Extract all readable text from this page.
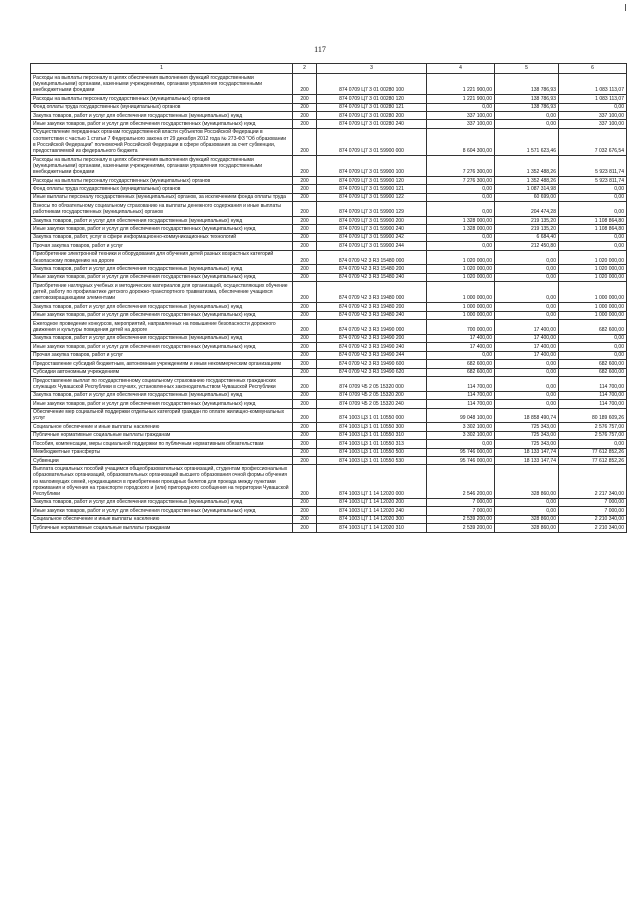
117
1	2	3	4	5	6
Расходы на выплаты персоналу в целях обеспечения выполнения функций государственными (муниципальными) органами, казенными учреждениями, органами управления государственными внебюджетными фондами	200	874 0709 Ц7 3 01 00280 100	1 221 900,00	138 786,93	1 083 113,07
Расходы на выплаты персоналу государственных (муниципальных) органов	200	874 0709 Ц7 3 01 00280 120	1 221 900,00	138 786,93	1 083 113,07
Фонд оплаты труда государственных (муниципальных) органов	200	874 0709 Ц7 3 01 00280 121	0,00	138 786,93	0,00
Закупка товаров, работ и услуг для обеспечения государственных (муниципальных) нужд	200	874 0709 Ц7 3 01 00280 200	337 100,00	0,00	337 100,00
Иные закупки товаров, работ и услуг для обеспечения государственных (муниципальных) нужд	200	874 0709 Ц7 3 01 00280 240	337 100,00	0,00	337 100,00
Осуществление переданных органам государственной власти субъектов Российской Федерации в соответствии с частью 1 статьи 7 Федерального закона от 29 декабря 2012 года № 273-ФЗ "Об образовании в Российской Федерации" полномочий Российской Федерации в сфере образования за счет субвенции, предоставляемой из федерального бюджета	200	874 0709 Ц7 3 01 59900 000	8 604 300,00	1 571 623,46	7 032 676,54
Расходы на выплаты персоналу в целях обеспечения выполнения функций государственными (муниципальными) органами, казенными учреждениями, органами управления государственными внебюджетными фондами	200	874 0709 Ц7 3 01 59900 100	7 276 300,00	1 352 488,26	5 923 811,74
Расходы на выплаты персоналу государственных (муниципальных) органов	200	874 0709 Ц7 3 01 59900 120	7 276 300,00	1 352 488,26	5 923 811,74
Фонд оплаты труда государственных (муниципальных) органов	200	874 0709 Ц7 3 01 59900 121	0,00	1 087 314,98	0,00
Иные выплаты персоналу государственных (муниципальных) органов, за исключением фонда оплаты труда	200	874 0709 Ц7 3 01 59900 122	0,00	60 699,00	0,00
Взносы по обязательному социальному страхованию на выплаты денежного содержания и иные выплаты работникам государственных (муниципальных) органов	200	874 0709 Ц7 3 01 59900 129	0,00	204 474,28	0,00
Закупка товаров, работ и услуг для обеспечения государственных (муниципальных) нужд	200	874 0709 Ц7 3 01 59900 200	1 328 000,00	219 135,20	1 108 864,80
Иные закупки товаров, работ и услуг для обеспечения государственных (муниципальных) нужд	200	874 0709 Ц7 3 01 59900 240	1 328 000,00	219 135,20	1 108 864,80
Закупка товаров, работ, услуг в сфере информационно-коммуникационных технологий	200	874 0709 Ц7 3 01 59900 242	0,00	6 684,40	0,00
Прочая закупка товаров, работ и услуг	200	874 0709 Ц7 3 01 59900 244	0,00	212 450,80	0,00
Приобретение электронной техники и оборудования для обучения детей разных возрастных категорий безопасному поведению на дороге	200	874 0709 Ч2 3 R3 15480 000	1 020 000,00	0,00	1 020 000,00
Закупка товаров, работ и услуг для обеспечения государственных (муниципальных) нужд	200	874 0709 Ч2 3 R3 15480 200	1 020 000,00	0,00	1 020 000,00
Иные закупки товаров, работ и услуг для обеспечения государственных (муниципальных) нужд	200	874 0709 Ч2 3 R3 15480 240	1 020 000,00	0,00	1 020 000,00
Приобретение наглядных учебных и методических материалов для организаций, осуществляющих обучение детей, работу по профилактике детского дорожно-транспортного травматизма, обеспечение учащихся световозвращающими элементами	200	874 0709 Ч2 3 R3 19480 000	1 000 000,00	0,00	1 000 000,00
Закупка товаров, работ и услуг для обеспечения государственных (муниципальных) нужд	200	874 0709 Ч2 3 R3 19480 200	1 000 000,00	0,00	1 000 000,00
Иные закупки товаров, работ и услуг для обеспечения государственных (муниципальных) нужд	200	874 0709 Ч2 3 R3 19480 240	1 000 000,00	0,00	1 000 000,00
Ежегодное проведение конкурсов, мероприятий, направленных на повышение безопасности дорожного движения и культуры поведения детей на дороге	200	874 0709 Ч2 3 R3 19490 000	700 000,00	17 400,00	682 600,00
Закупка товаров, работ и услуг для обеспечения государственных (муниципальных) нужд	200	874 0709 Ч2 3 R3 19490 200	17 400,00	17 400,00	0,00
Иные закупки товаров, работ и услуг для обеспечения государственных (муниципальных) нужд	200	874 0709 Ч2 3 R3 19490 240	17 400,00	17 400,00	0,00
Прочая закупка товаров, работ и услуг	200	874 0709 Ч2 3 R3 19490 244	0,00	17 400,00	0,00
Предоставление субсидий бюджетным, автономным учреждениям и иным некоммерческим организациям	200	874 0709 Ч2 3 R3 19490 600	682 600,00	0,00	682 600,00
Субсидии автономным учреждениям	200	874 0709 Ч2 3 R3 19490 620	682 600,00	0,00	682 600,00
Предоставление выплат по государственному социальному страхованию государственных гражданских служащих Чувашской Республики в случаях, установленных законодательством Чувашской Республики	200	874 0709 Ч5 2 05 15320 000	114 700,00	0,00	114 700,00
Закупка товаров, работ и услуг для обеспечения государственных (муниципальных) нужд	200	874 0709 Ч5 2 05 15320 200	114 700,00	0,00	114 700,00
Иные закупки товаров, работ и услуг для обеспечения государственных (муниципальных) нужд	200	874 0709 Ч5 2 05 15320 240	114 700,00	0,00	114 700,00
Обеспечение мер социальной поддержки отдельных категорий граждан по оплате жилищно-коммунальных услуг	200	874 1003 Ц3 1 01 10550 000	99 048 100,00	18 858 490,74	80 189 609,26
Социальное обеспечение и иные выплаты населению	200	874 1003 Ц3 1 01 10550 300	3 302 100,00	725 343,00	2 576 757,00
Публичные нормативные социальные выплаты гражданам	200	874 1003 Ц3 1 01 10550 310	3 302 100,00	725 343,00	2 576 757,00
Пособия, компенсации, меры социальной поддержки по публичным нормативным обязательствам	200	874 1003 Ц3 1 01 10550 313	0,00	725 343,00	0,00
Межбюджетные трансферты	200	874 1003 Ц3 1 01 10550 500	95 746 000,00	18 133 147,74	77 612 852,26
Субвенции	200	874 1003 Ц3 1 01 10550 530	95 746 000,00	18 133 147,74	77 612 852,26
Выплата социальных пособий учащимся общеобразовательных организаций, студентам профессиональных образовательных организаций, образовательных организаций высшего образования очной формы обучения из малоимущих семей, нуждающимся в приобретении проездных билетов для проезда между пунктами проживания и обучения на транспорте городского и (или) пригородного сообщения на территории Чувашской Республики	200	874 1003 Ц7 1 14 12020 000	2 546 200,00	328 860,00	2 217 340,00
Закупка товаров, работ и услуг для обеспечения государственных (муниципальных) нужд	200	874 1003 Ц7 1 14 12020 200	7 000,00	0,00	7 000,00
Иные закупки товаров, работ и услуг для обеспечения государственных (муниципальных) нужд	200	874 1003 Ц7 1 14 12020 240	7 000,00	0,00	7 000,00
Социальное обеспечение и иные выплаты населению	200	874 1003 Ц7 1 14 12020 300	2 539 200,00	328 860,00	2 210 340,00
Публичные нормативные социальные выплаты гражданам	200	874 1003 Ц7 1 14 12020 310	2 539 200,00	328 860,00	2 210 340,00
